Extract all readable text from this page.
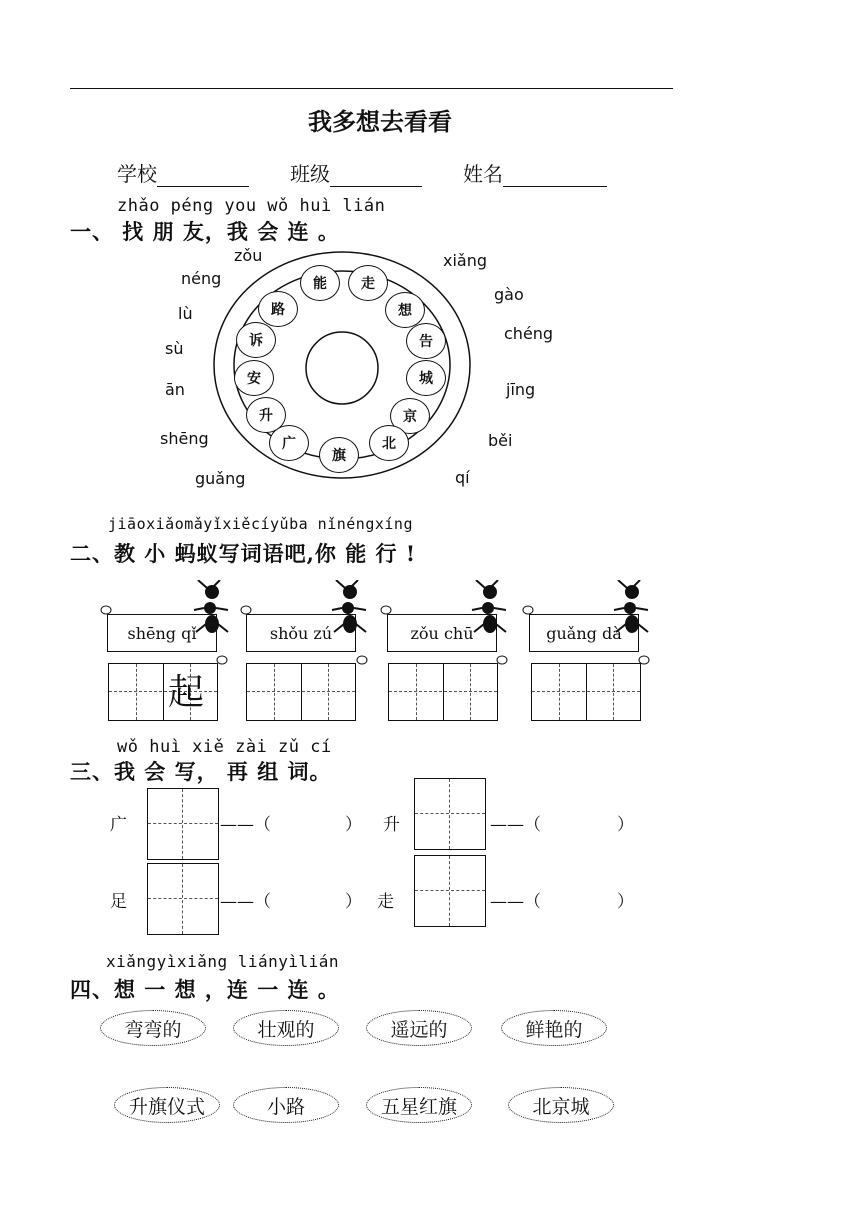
我多想去看看
学校	班级	姓名
zhǎo péng you wǒ huì lián
一、 找 朋 友，我 会 连 。
能	走
想
告
城
京
北
旗
广
升
安
诉
路
zǒu	xiǎng
gào
chéng
jīng
běi
qí
guǎng
shēng
ān
sù
lù
néng
jiāoxiǎomǎyǐxiěcíyǔba nǐnéngxíng
二、教 小 蚂蚁写词语吧,你 能 行 !
shēng qǐ
起
shǒu zú	zǒu chū	guǎng dà
wǒ huì xiě zài zǔ cí
三、我 会 写， 再 组 词。
广	——（	） 升	——（	）
足	——（	） 走	——（	）
xiǎngyìxiǎng liányìlián
四、想 一 想 ，连 一 连 。
弯弯的	壮观的	遥远的	鲜艳的
升旗仪式	小路	五星红旗	北京城
